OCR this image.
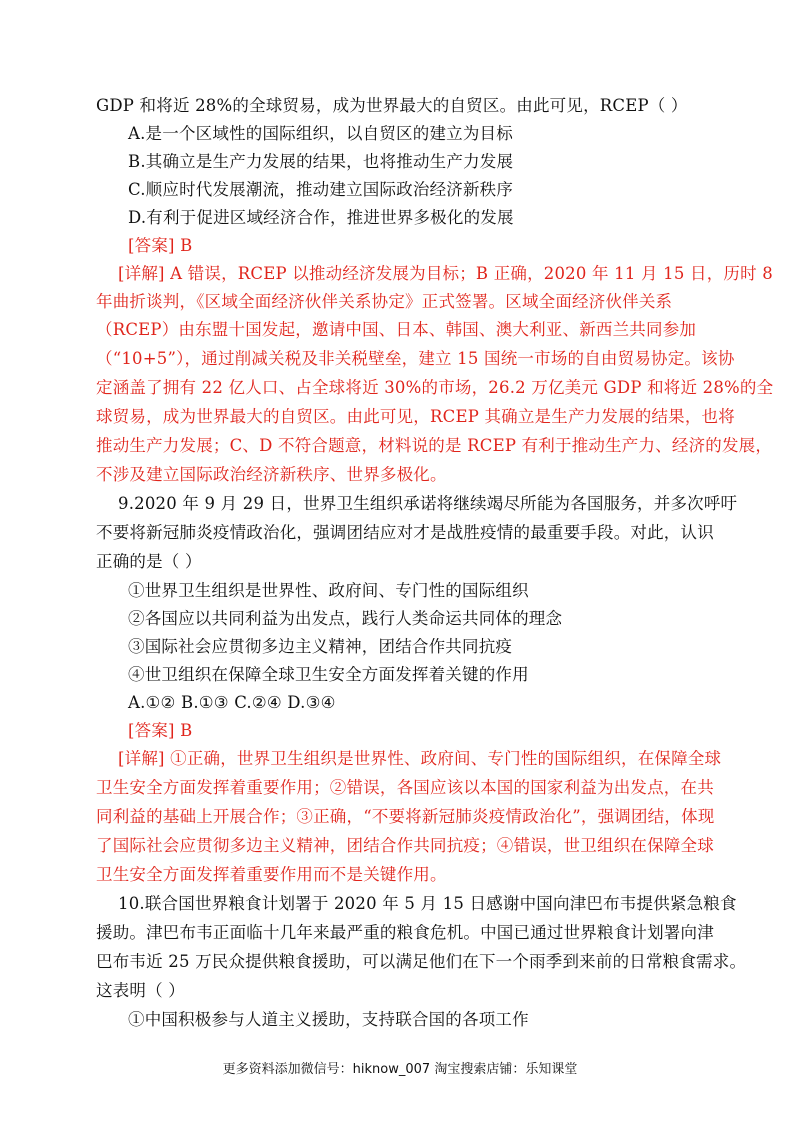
GDP 和将近 28%的全球贸易，成为世界最大的自贸区。由此可见，RCEP（ ）
A.是一个区域性的国际组织，以自贸区的建立为目标
B.其确立是生产力发展的结果，也将推动生产力发展
C.顺应时代发展潮流，推动建立国际政治经济新秩序
D.有利于促进区域经济合作，推进世界多极化的发展
[答案] B
[详解] A 错误，RCEP 以推动经济发展为目标；B 正确，2020 年 11 月 15 日，历时 8
年曲折谈判，《区域全面经济伙伴关系协定》正式签署。区域全面经济伙伴关系
（RCEP）由东盟十国发起，邀请中国、日本、韩国、澳大利亚、新西兰共同参加
（“10+5”），通过削减关税及非关税壁垒，建立 15 国统一市场的自由贸易协定。该协
定涵盖了拥有 22 亿人口、占全球将近 30%的市场，26.2 万亿美元 GDP 和将近 28%的全
球贸易，成为世界最大的自贸区。由此可见，RCEP 其确立是生产力发展的结果，也将
推动生产力发展；C、D 不符合题意，材料说的是 RCEP 有利于推动生产力、经济的发展，
不涉及建立国际政治经济新秩序、世界多极化。
9.2020 年 9 月 29 日，世界卫生组织承诺将继续竭尽所能为各国服务，并多次呼吁
不要将新冠肺炎疫情政治化，强调团结应对才是战胜疫情的最重要手段。对此，认识
正确的是（ ）
①世界卫生组织是世界性、政府间、专门性的国际组织
②各国应以共同利益为出发点，践行人类命运共同体的理念
③国际社会应贯彻多边主义精神，团结合作共同抗疫
④世卫组织在保障全球卫生安全方面发挥着关键的作用
A.①② B.①③ C.②④ D.③④
[答案] B
[详解] ①正确，世界卫生组织是世界性、政府间、专门性的国际组织，在保障全球
卫生安全方面发挥着重要作用；②错误，各国应该以本国的国家利益为出发点，在共
同利益的基础上开展合作；③正确，“不要将新冠肺炎疫情政治化”，强调团结，体现
了国际社会应贯彻多边主义精神，团结合作共同抗疫；④错误，世卫组织在保障全球
卫生安全方面发挥着重要作用而不是关键作用。
10.联合国世界粮食计划署于 2020 年 5 月 15 日感谢中国向津巴布韦提供紧急粮食
援助。津巴布韦正面临十几年来最严重的粮食危机。中国已通过世界粮食计划署向津
巴布韦近 25 万民众提供粮食援助，可以满足他们在下一个雨季到来前的日常粮食需求。
这表明（ ）
①中国积极参与人道主义援助，支持联合国的各项工作
更多资料添加微信号：hiknow_007 淘宝搜索店铺：乐知课堂
